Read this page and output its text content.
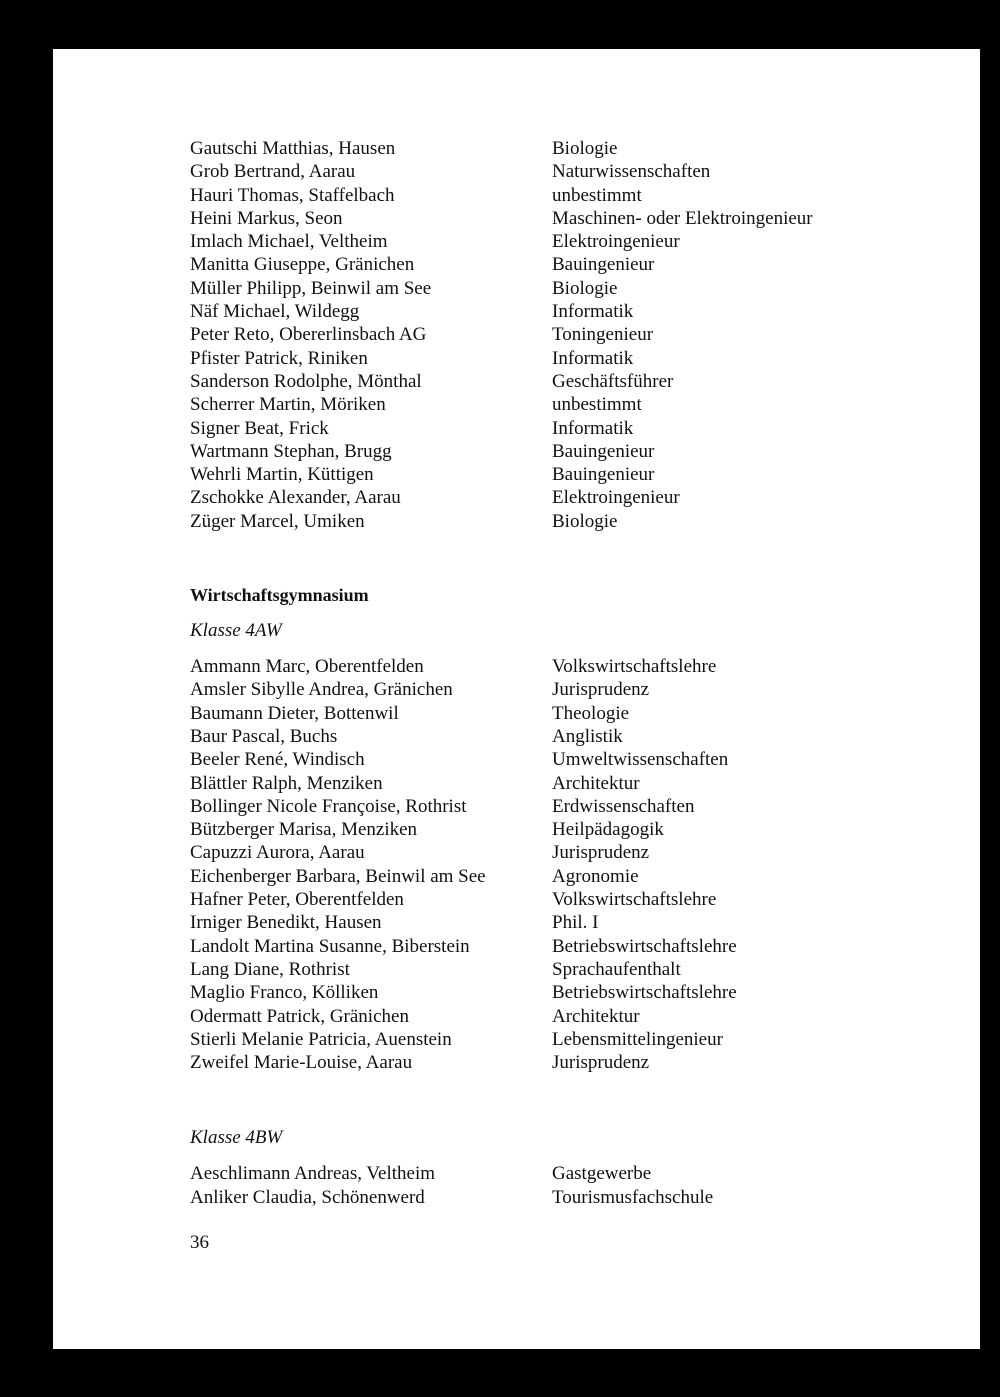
Gautschi Matthias, Hausen	Biologie
Grob Bertrand, Aarau	Naturwissenschaften
Hauri Thomas, Staffelbach	unbestimmt
Heini Markus, Seon	Maschinen- oder Elektroingenieur
Imlach Michael, Veltheim	Elektroingenieur
Manitta Giuseppe, Gränichen	Bauingenieur
Müller Philipp, Beinwil am See	Biologie
Näf Michael, Wildegg	Informatik
Peter Reto, Obererlinsbach AG	Toningenieur
Pfister Patrick, Riniken	Informatik
Sanderson Rodolphe, Mönthal	Geschäftsführer
Scherrer Martin, Möriken	unbestimmt
Signer Beat, Frick	Informatik
Wartmann Stephan, Brugg	Bauingenieur
Wehrli Martin, Küttigen	Bauingenieur
Zschokke Alexander, Aarau	Elektroingenieur
Züger Marcel, Umiken	Biologie
Wirtschaftsgymnasium
Klasse 4AW
Ammann Marc, Oberentfelden	Volkswirtschaftslehre
Amsler Sibylle Andrea, Gränichen	Jurisprudenz
Baumann Dieter, Bottenwil	Theologie
Baur Pascal, Buchs	Anglistik
Beeler René, Windisch	Umweltwissenschaften
Blättler Ralph, Menziken	Architektur
Bollinger Nicole Françoise, Rothrist	Erdwissenschaften
Bützberger Marisa, Menziken	Heilpädagogik
Capuzzi Aurora, Aarau	Jurisprudenz
Eichenberger Barbara, Beinwil am See	Agronomie
Hafner Peter, Oberentfelden	Volkswirtschaftslehre
Irniger Benedikt, Hausen	Phil. I
Landolt Martina Susanne, Biberstein	Betriebswirtschaftslehre
Lang Diane, Rothrist	Sprachaufenthalt
Maglio Franco, Kölliken	Betriebswirtschaftslehre
Odermatt Patrick, Gränichen	Architektur
Stierli Melanie Patricia, Auenstein	Lebensmittelingenieur
Zweifel Marie-Louise, Aarau	Jurisprudenz
Klasse 4BW
Aeschlimann Andreas, Veltheim	Gastgewerbe
Anliker Claudia, Schönenwerd	Tourismusfachschule
36
